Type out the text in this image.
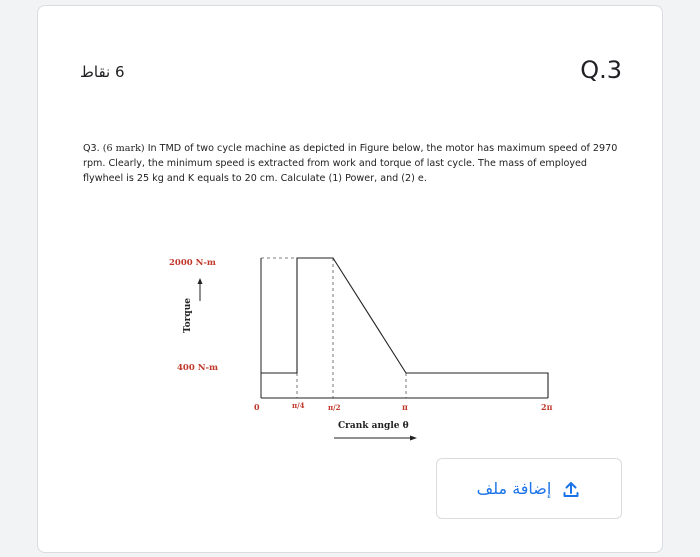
Q.3
6 نقاط
Q3. (6 mark) In TMD of two cycle machine as depicted in Figure below, the motor has maximum speed of 2970 rpm. Clearly, the minimum speed is extracted from work and torque of last cycle. The mass of employed flywheel is 25 kg and K equals to 20 cm. Calculate (1) Power, and (2) e.
2000 N-m
400 N-m
Torque
0	π/4	π/2	π	2π
Crank angle θ
إضافة ملف
